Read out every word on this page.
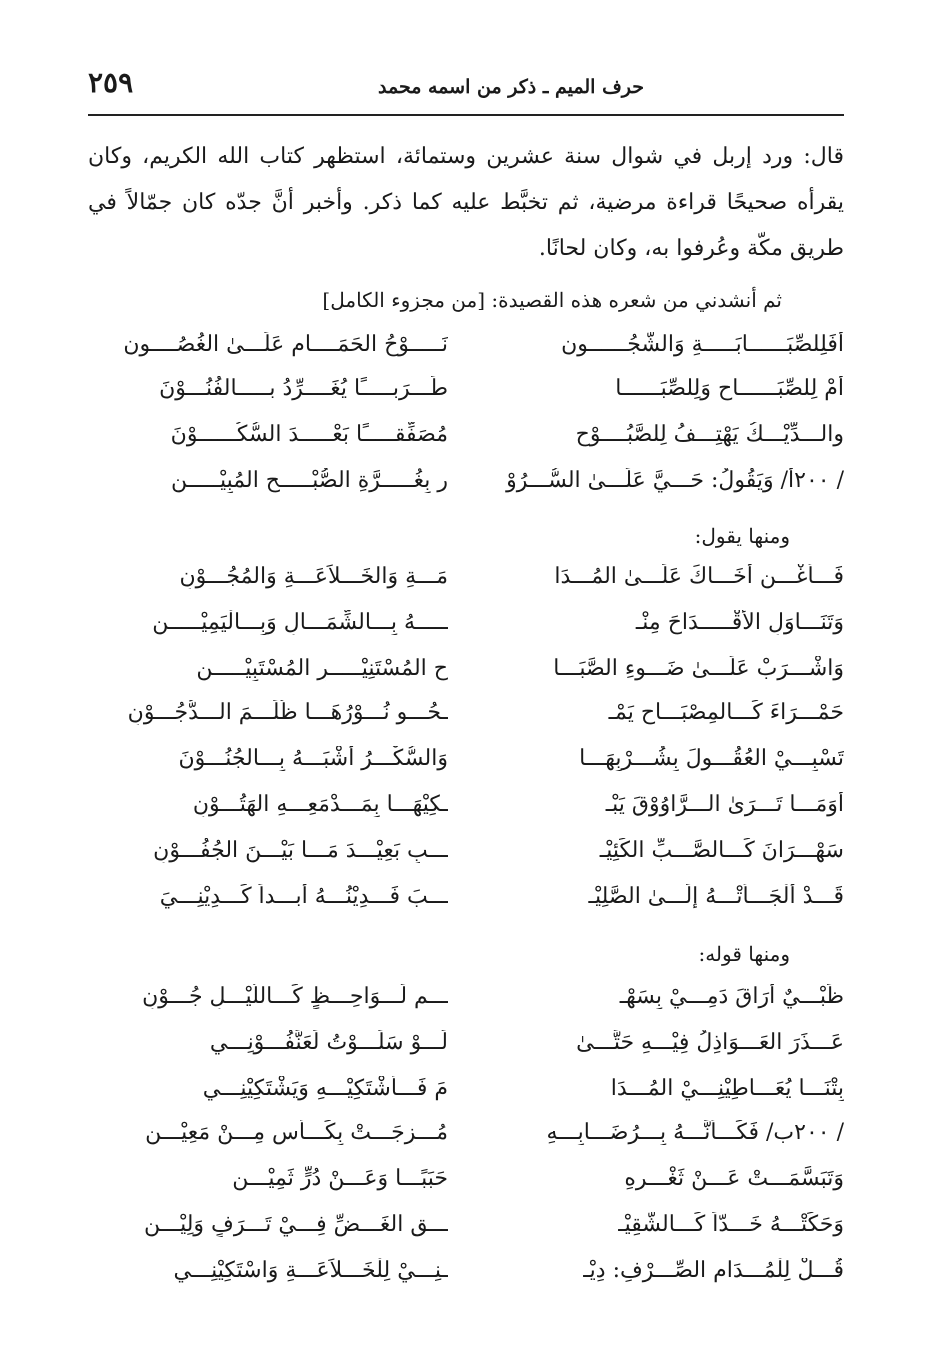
حرف الميم ـ ذكر من اسمه محمد
٢٥٩
قال: ورد إربل في شوال سنة عشرين وستمائة، استظهر كتاب الله الكريم، وكان يقرأه صحيحًا قراءة مرضية، ثم تخبَّط عليه كما ذكر. وأخبر أنَّ جدّه كان جمّالاً في طريق مكّة وعُرفوا به، وكان لحانًا.
ثم أنشدني من شعره هذه القصيدة: [من مجزوء الكامل]
أفَلِلصِّبَــــــابَـــــةِ وَالشُّجُــــــون
نَـــــوْحُ الحَمَــــامِ عَلَـــىٰ الغُصُــــون
أمْ لِلصِّبَــــــاحِ وَلِلصِّبَــــــا
طَـــرَبـــــًا يُغَــــرِّدُ بـــــالفُنُـــوْنَ
والـــدِّيْـــكُ يَهْتِـــفُ لِلصَّبُــــوْحِ
مُصَفِّقـــــًا بَعْـــــدَ السُّكُــــــوْنَ
/ ٢٠٠أ/ وَيَقُولُ: حَـــيَّ عَلَـــىٰ السُّـــرُوْ
رِ بِغُـــــرَّةِ الصُّبْـــــحِ المُبِيْـــــنِ
ومنها يقول:
فَـــأَغْـــنِ أَخَـــاكَ عَلَـــىٰ المُـــدَا
مَـــةِ وَالخَـــلاَعَـــةِ وَالمُجُـــوْنِ
وَتَنَـــاوَلِ الأَقْـــــدَاحَ مِنْـ
ـــــهُ بِـــالشِّمَـــالِ وَبِـــالْيَمِيْـــــنِ
وَاشْـــرَبْ عَلَـــىٰ ضَـــوءِ الصَّبَـــا
حِ المُسْتَنِيْـــــرِ المُسْتَبِيْـــــنِ
حَمْـــرَاءَ كَـــالمِصْبَـــاحِ يَمْـ
ـحُـــو نُـــوْرُهَـــا ظُلَـــمَ الـــدُّجُـــوْنِ
تَسْبِـــيْ العُقُـــولَ بِشُـــرْبِهَـــا
وَالسُّكْـــرُ أَشْبَـــهُ بِـــالجُنُـــوْنَ
أَوَمَـــا تَـــرَىٰ الـــرَّاوُوْقَ يَبْـ
ـكِيْهَـــا بِمَـــدْمَعِـــهِ الهَتُـــوْنِ
سَهْـــرَانَ كَـــالصَّـــبِّ الكَئِيْـ
ـــبِ بَعِيْـــدَ مَـــا بَيْـــنَ الجُفُـــوْنِ
قَـــدْ أَلْجَـــأَتْـــهُ إِلَـــىٰ الصَّلِيْـ
ـــبَ فَـــدِيْنُـــهُ أَبـــداً كَـــدِيْنِـــيَ
ومنها قوله:
ظَبْـــيٌ أَرَاقَ دَمِـــيْ بِسَهْـ
ـــمِ لَـــوَاحِـــظٍ كَـــاللَّيْـــلِ جُـــوْنِ
عَـــذَرَ العَـــوَاذِلُ فِيْـــهِ حَتَّـــىٰ
لَـــوْ سَلَـــوْتُ لَعَنَّفُـــوْنِـــي
بِتْنَـــا يُعَـــاطِيْنِـــيْ المُـــدَا
مَ فَـــأَشْتَكِيْـــهِ وَيَشْتَكِيْنِـــي
/ ٢٠٠ب/ فَكَـــأَنَّـــهُ بِـــرُضَـــابِـــهِ
مُـــزِجَـــتْ بِكَـــأْسٍ مِـــنْ مَعِيْـــنِ
وَتَبَسَّمَـــتْ عَـــنْ ثَغْـــرِهِ
حَبَبًـــا وَعَـــنْ دُرٍّ ثَمِيْـــنِ
وَحَكَتْـــهُ خَـــدّاً كَـــالشَّقِيْـ
ـــقِ الغَـــضِّ فِـــيْ تَـــرَفٍ وَلِيْـــنِ
قُـــلْ لِلْمُـــدَامِ الصِّـــرْفِ: دِيْـ
ـنِـــيْ لِلْخَـــلاَعَـــةِ وَاسْتَكِيْنِـــي
